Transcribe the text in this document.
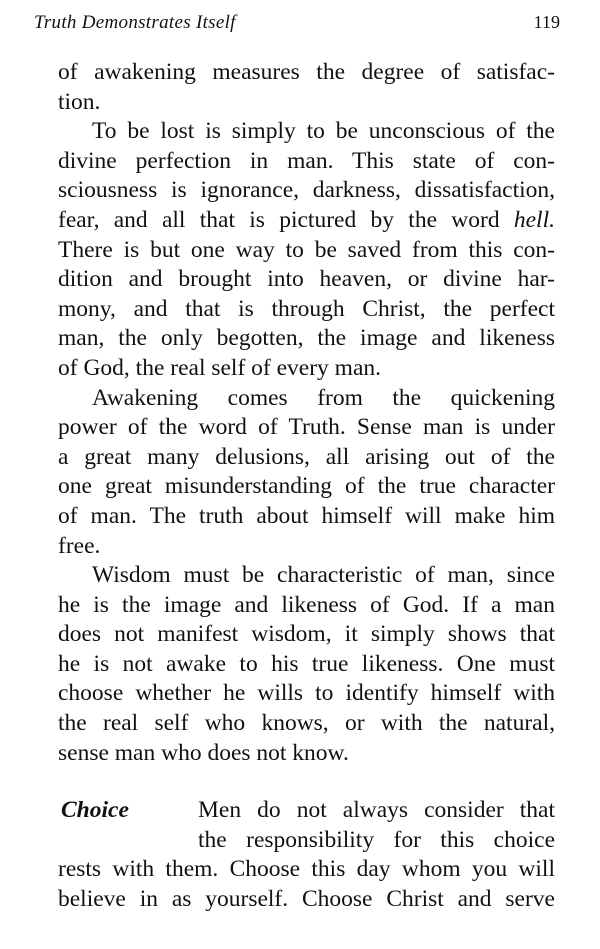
Truth Demonstrates Itself	119

of awakening measures the degree of satisfac-
tion.

To be lost is simply to be unconscious of the
divine perfection in man. This state of con-
sciousness is ignorance, darkness, dissatisfaction,
fear, and all that is pictured by the word hell.
There is but one way to be saved from this con-
dition and brought into heaven, or divine har-
mony, and that is through Christ, the perfect
man, the only begotten, the image and likeness
of God, the real self of every man.

Awakening comes from the quickening
power of the word of Truth. Sense man is under
a great many delusions, all arising out of the
one great misunderstanding of the true character
of man. The truth about himself will make him
free.

Wisdom must be characteristic of man, since
he is the image and likeness of God. If a man
does not manifest wisdom, it simply shows that
he is not awake to his true likeness. One must
choose whether he wills to identify himself with
the real self who knows, or with the natural,
sense man who does not know.

Choice	Men do not always consider that
the responsibility for this choice
rests with them. Choose this day whom you will
believe in as yourself. Choose Christ and serve
